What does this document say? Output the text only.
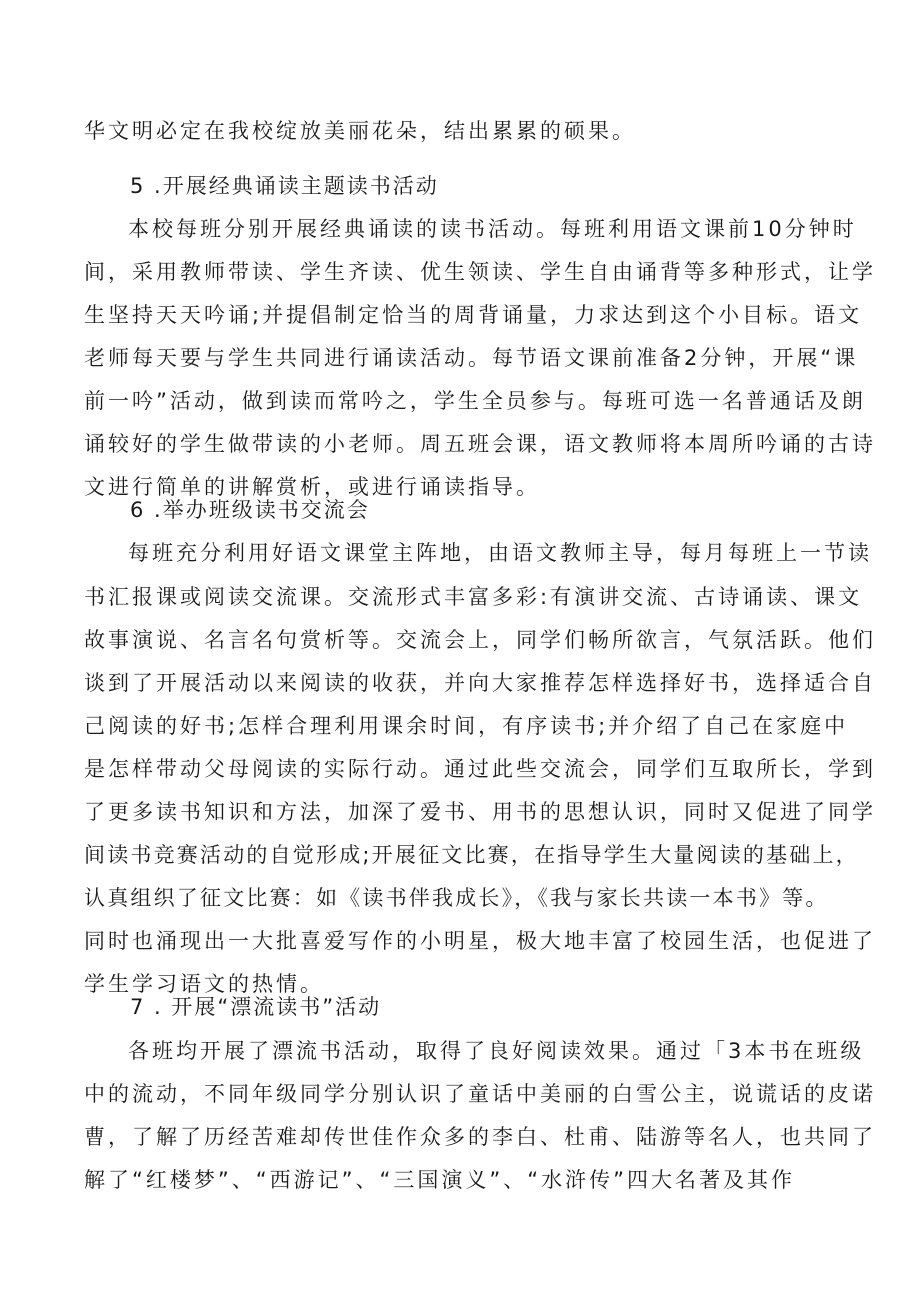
华文明必定在我校绽放美丽花朵，结出累累的硕果。
5 .开展经典诵读主题读书活动
本校每班分别开展经典诵读的读书活动。每班利用语文课前10分钟时
间，采用教师带读、学生齐读、优生领读、学生自由诵背等多种形式，让学
生坚持天天吟诵;并提倡制定恰当的周背诵量，力求达到这个小目标。语文
老师每天要与学生共同进行诵读活动。每节语文课前准备2分钟，开展“课
前一吟”活动，做到读而常吟之，学生全员参与。每班可选一名普通话及朗
诵较好的学生做带读的小老师。周五班会课，语文教师将本周所吟诵的古诗
文进行简单的讲解赏析，或进行诵读指导。
6 .举办班级读书交流会
每班充分利用好语文课堂主阵地，由语文教师主导，每月每班上一节读
书汇报课或阅读交流课。交流形式丰富多彩:有演讲交流、古诗诵读、课文
故事演说、名言名句赏析等。交流会上，同学们畅所欲言，气氛活跃。他们
谈到了开展活动以来阅读的收获，并向大家推荐怎样选择好书，选择适合自
己阅读的好书;怎样合理利用课余时间，有序读书;并介绍了自己在家庭中
是怎样带动父母阅读的实际行动。通过此些交流会，同学们互取所长，学到
了更多读书知识和方法，加深了爱书、用书的思想认识，同时又促进了同学
间读书竞赛活动的自觉形成;开展征文比赛，在指导学生大量阅读的基础上，
认真组织了征文比赛：如《读书伴我成长》，《我与家长共读一本书》等。
同时也涌现出一大批喜爱写作的小明星，极大地丰富了校园生活，也促进了
学生学习语文的热情。
7 . 开展“漂流读书”活动
各班均开展了漂流书活动，取得了良好阅读效果。通过「3本书在班级
中的流动，不同年级同学分别认识了童话中美丽的白雪公主，说谎话的皮诺
曹，了解了历经苦难却传世佳作众多的李白、杜甫、陆游等名人，也共同了
解了“红楼梦”、“西游记”、“三国演义”、“水浒传”四大名著及其作
